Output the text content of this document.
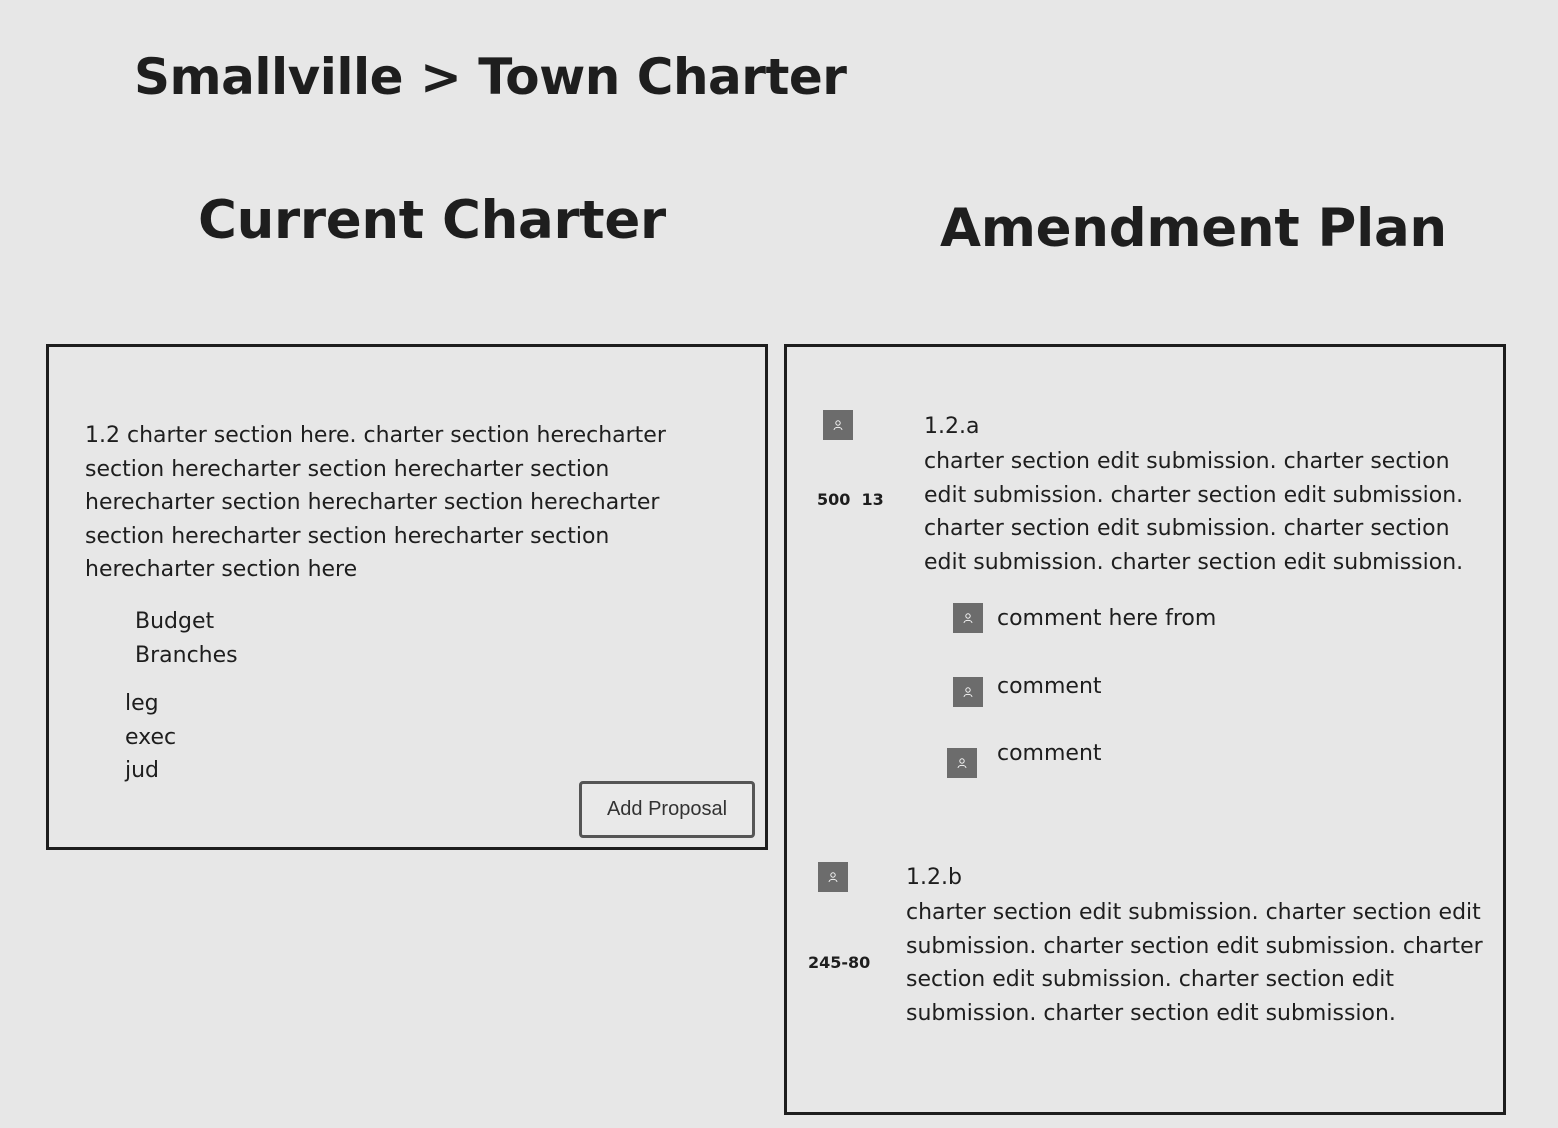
Smallville > Town Charter
Current Charter	Amendment Plan
1.2 charter section here. charter section herecharter section herecharter section herecharter section herecharter section herecharter section herecharter section herecharter section herecharter section herecharter section here
Budget
Branches
leg
exec
jud
Add Proposal
500 13
1.2.a
charter section edit submission. charter section edit submission. charter section edit submission. charter section edit submission. charter section edit submission. charter section edit submission.
comment here from
comment
comment
245-80
1.2.b
charter section edit submission. charter section edit submission. charter section edit submission. charter section edit submission. charter section edit submission. charter section edit submission.
